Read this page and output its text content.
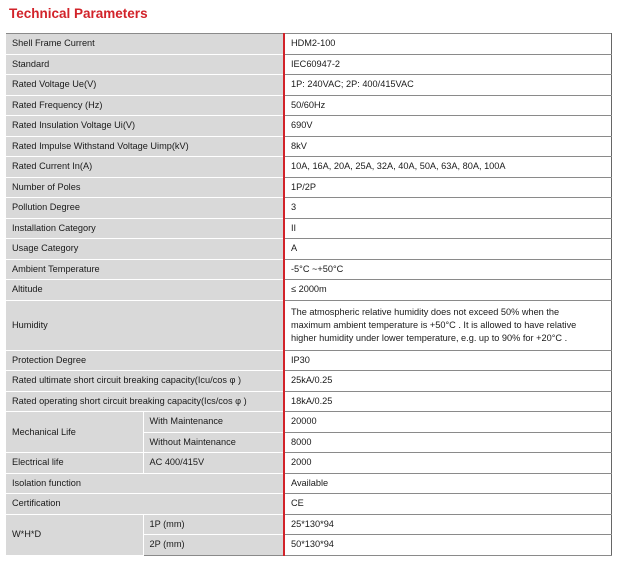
Technical Parameters
Shell Frame Current		HDM2-100
Standard		IEC60947-2
Rated Voltage Ue(V)		1P: 240VAC; 2P: 400/415VAC
Rated Frequency (Hz)		50/60Hz
Rated Insulation Voltage Ui(V)		690V
Rated Impulse Withstand Voltage Uimp(kV)		8kV
Rated Current In(A)		10A, 16A, 20A, 25A, 32A, 40A, 50A, 63A, 80A, 100A
Number of Poles		1P/2P
Pollution Degree		3
Installation Category		II
Usage Category		A
Ambient Temperature		-5°C ~+50°C
Altitude		≤ 2000m
Humidity		The atmospheric relative humidity does not exceed 50% when the
maximum ambient temperature is +50°C . It is allowed to have relative
higher humidity under lower temperature, e.g. up to 90% for +20°C .

Protection Degree		IP30
Rated ultimate short circuit breaking capacity(Icu/cos φ )		25kA/0.25
Rated operating short circuit breaking capacity(Ics/cos φ )		18kA/0.25
Mechanical Life	With Maintenance	20000
	Without Maintenance	8000
Electrical life	AC 400/415V	2000
Isolation function		Available
Certification		CE
W*H*D	1P (mm)	25*130*94
	2P (mm)	50*130*94
